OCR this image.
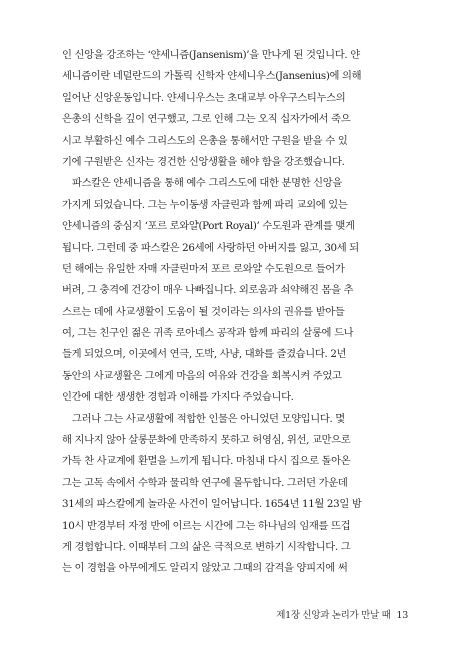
인 신앙을 강조하는 ‘얀세니즘(Jansenism)’을 만나게 된 것입니다. 얀
세니즘이란 네덜란드의 가톨릭 신학자 얀세니우스(Jansenius)에 의해
일어난 신앙운동입니다. 얀세니우스는 초대교부 아우구스티누스의
은총의 신학을 깊이 연구했고, 그로 인해 그는 오직 십자가에서 죽으
시고 부활하신 예수 그리스도의 은총을 통해서만 구원을 받을 수 있
기에 구원받은 신자는 경건한 신앙생활을 해야 함을 강조했습니다.
파스칼은 얀세니즘을 통해 예수 그리스도에 대한 분명한 신앙을
가지게 되었습니다. 그는 누이동생 자클린과 함께 파리 교외에 있는
얀세니즘의 중심지 ‘포르 로와얄(Port Royal)’ 수도원과 관계를 맺게
됩니다. 그런데 중 파스칼은 26세에 사랑하던 아버지를 잃고, 30세 되
던 해에는 유일한 자매 자클린마저 포르 로와얄 수도원으로 들어가
버려, 그 충격에 건강이 매우 나빠집니다. 외로움과 쇠약해진 몸을 추
스르는 데에 사교생활이 도움이 될 것이라는 의사의 권유를 받아들
여, 그는 친구인 젊은 귀족 로아네스 공작과 함께 파리의 살롱에 드나
들게 되었으며, 이곳에서 연극, 도박, 사냥, 대화를 즐겼습니다. 2년
동안의 사교생활은 그에게 마음의 여유와 건강을 회복시켜 주었고
인간에 대한 생생한 경험과 이해를 가지다 주었습니다.
그러나 그는 사교생활에 적합한 인물은 아니었던 모양입니다. 몇
해 지나지 않아 살롱문화에 만족하지 못하고 허영심, 위선, 교만으로
가득 찬 사교계에 환멸을 느끼게 됩니다. 마침내 다시 집으로 돌아온
그는 고독 속에서 수학과 물리학 연구에 몰두합니다. 그러던 가운데
31세의 파스칼에게 놀라운 사건이 일어납니다. 1654년 11월 23일 밤
10시 반경부터 자정 반에 이르는 시간에 그는 하나님의 임재를 뜨겁
게 경험합니다. 이때부터 그의 삶은 극적으로 변하기 시작합니다. 그
는 이 경험을 아무에게도 알리지 않았고 그때의 감격을 양피지에 써
제1장 신앙과 논리가 만날 때 13
